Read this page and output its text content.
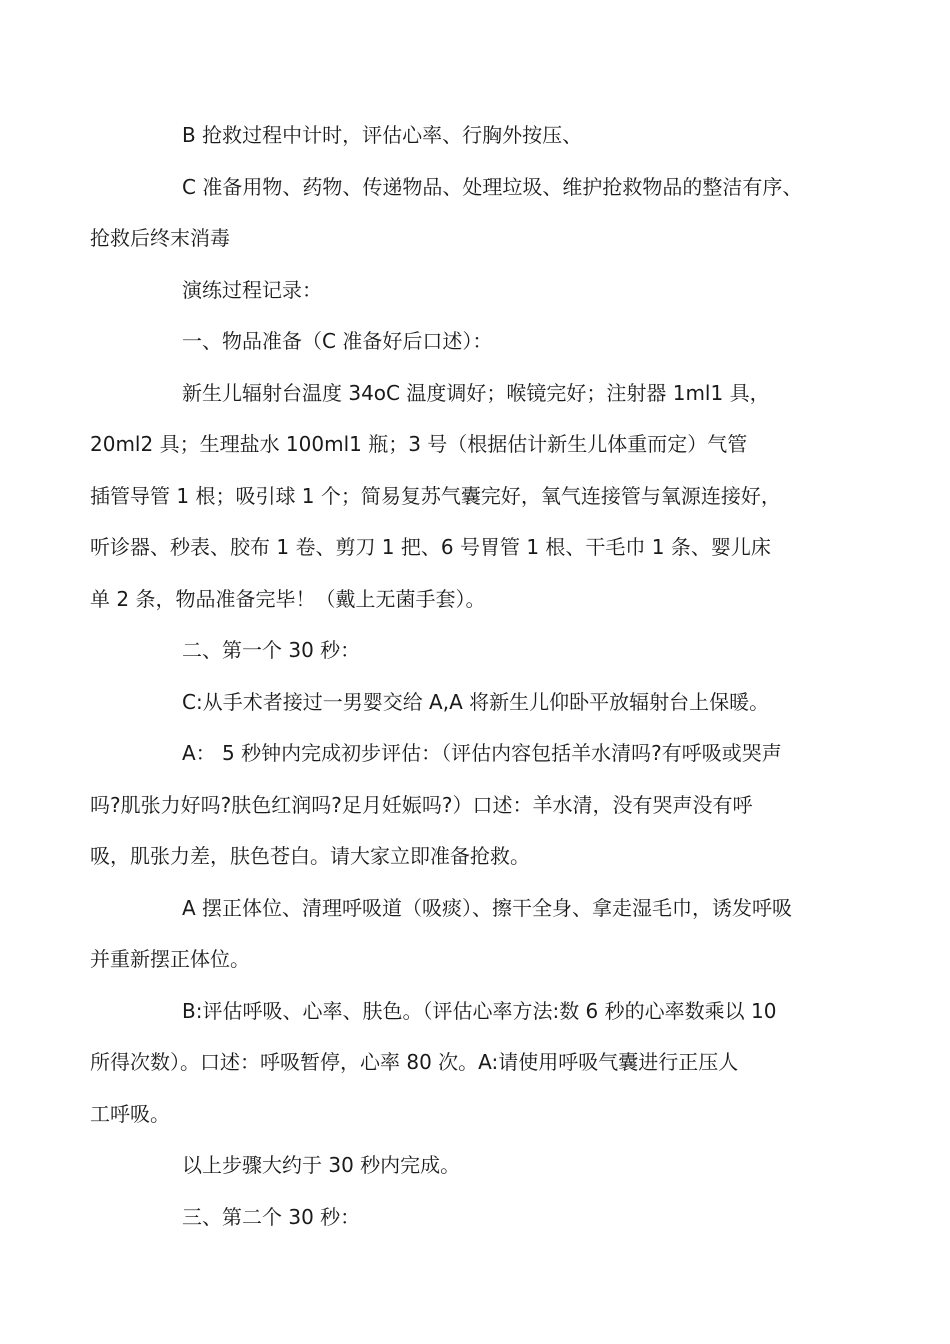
B 抢救过程中计时，评估心率、行胸外按压、

C 准备用物、药物、传递物品、处理垃圾、维护抢救物品的整洁有序、
抢救后终末消毒

演练过程记录：

一、物品准备（C 准备好后口述）：

新生儿辐射台温度 34oC 温度调好；喉镜完好；注射器 1ml1 具，
20ml2 具；生理盐水 100ml1 瓶；3 号（根据估计新生儿体重而定）气管
插管导管 1 根；吸引球 1 个；简易复苏气囊完好，氧气连接管与氧源连接好，
听诊器、秒表、胶布 1 卷、剪刀 1 把、6 号胃管 1 根、干毛巾 1 条、婴儿床
单 2 条，物品准备完毕！（戴上无菌手套）。

二、第一个 30 秒：

C:从手术者接过一男婴交给 A,A 将新生儿仰卧平放辐射台上保暖。

A： 5 秒钟内完成初步评估：（评估内容包括羊水清吗?有呼吸或哭声
吗?肌张力好吗?肤色红润吗?足月妊娠吗?）口述：羊水清，没有哭声没有呼
吸，肌张力差，肤色苍白。请大家立即准备抢救。

A 摆正体位、清理呼吸道（吸痰）、擦干全身、拿走湿毛巾，诱发呼吸
并重新摆正体位。

B:评估呼吸、心率、肤色。（评估心率方法:数 6 秒的心率数乘以 10
所得次数）。口述：呼吸暂停，心率 80 次。A:请使用呼吸气囊进行正压人
工呼吸。

以上步骤大约于 30 秒内完成。

三、第二个 30 秒：
